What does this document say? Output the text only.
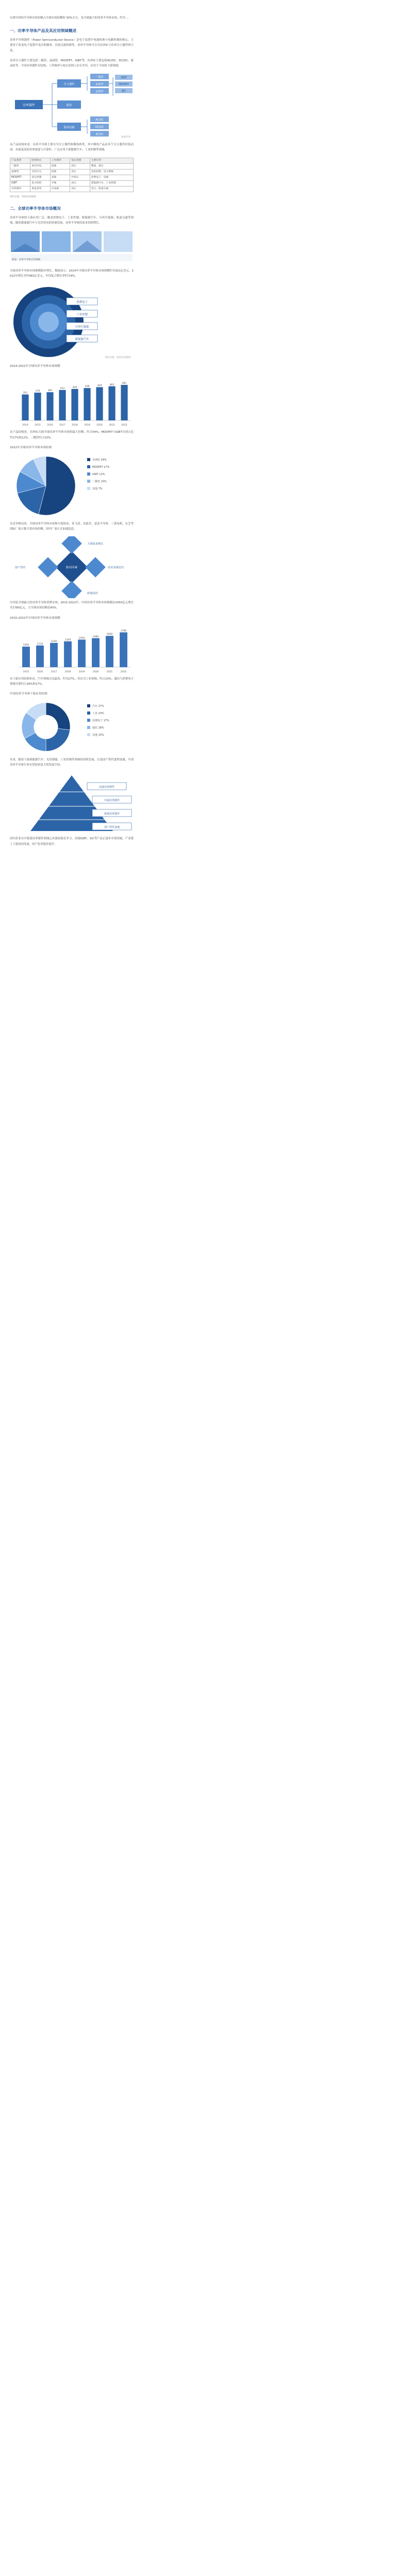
台湾中国的半导体市场份额占全球市场份额的 30%左右，是全球最大的功率半导体市场，约为 ...

一、功率半导体产品及其应用领域概述

功率半导体器件（Power Semiconductor Device）是电子装置中电能转换与电路控制的核心，主要用于改变电子装置中电压和频率、直流交流转换等。功率半导体可分为功率IC与功率分立器件两大类。

功率分立器件主要包括二极管、晶闸管、MOSFET、IGBT等，功率IC主要包括AC/DC、DC/DC、驱动IC等。不同功率器件在结构、工作频率与电压范围上存在差异，应用于不同的下游领域。

功率器件
分立器件
模块
集成电路
二极管
晶体管
晶闸管
IGBT
MOSFET
BJT
AC/DC
DC/DC
驱动IC
智研咨询

从产品结构来看，功率半导体主要分为分立器件和模块两类，其中模块产品由多个分立器件封装而成，具备更高的功率密度与可靠性，广泛应用于新能源汽车、工业控制等领域。

产品类型	结构特点	工作频率	电压范围	主要应用
二极管	单向导电	低频	高压	整流、稳压
晶闸管	可控开关	低频	高压	电机控制、电力系统
MOSFET	电压控制	高频	中低压	消费电子、电源
IGBT	复合结构	中频	高压	新能源汽车、工业控制
功率模块	集成封装	中高频	高压	电力、轨道交通
资料来源：智研咨询整理
二、全球功率半导体市场概况

功率半导体的下游应用广泛，覆盖消费电子、工业控制、新能源汽车、可再生能源、轨道交通等领域。随着新能源汽车与光伏风电的快速发展，功率半导体的需求持续增长。

图表：功率半导体应用领域

全球功率半导体市场规模稳步增长。数据显示，2014年全球功率半导体市场规模约为351亿美元，2022年增长至约481亿美元，年均复合增长率约为4%。

消费电子
工业控制
可再生能源
新能源汽车
资料来源：智研咨询整理
2014-2022年全球功率半导体市场规模
351
2014
376
2015
382
2016
412
2017
426
2018
438
2019
450
2020
462
2021
481
2022

从产品结构看，功率IC占据全球功率半导体市场的最大份额，约占54%；MOSFET与IGBT分别占比约17%和12%，二极管约占10%。

2022年全球功率半导体市场结构
功率IC 54%
MOSFET 17%
IGBT 12%
二极管 10%
其他 7%

从竞争格局看，全球功率半导体市场集中度较高，英飞凌、安森美、意法半导体、三菱电机、东芝等国际厂商占据主要市场份额，国内厂商正在加速追赶。

驱动因素
下游需求增长
技术更新迭代
政策扶持
国产替代

中国是全球最大的功率半导体消费市场。2015-2022年，中国功率半导体市场规模由1050亿元增长至1780亿元，占全球市场份额近40%。

2015-2022年中国功率半导体市场规模
1050
2015
1110
2016
1240
2017
1320
2018
1410
2019
1480
2020
1600
2021
1780
2022

从下游应用结构来看，汽车领域占比最高，约为27%；其次为工业领域，约占23%；通信与消费电子领域分别约占18%和17%。

中国功率半导体下游应用结构
汽车 27%
工业 23%
消费电子 17%
通信 18%
其他 15%

未来，随着下游新能源汽车、光伏储能、工业控制等领域的持续发展，以及国产替代进程加速，中国功率半导体行业有望迎来更大的发展空间。

高端功率器件
中端功率器件
低端功率器件
国产替代加速

国内企业在中低端功率器件领域已具备较强竞争力，高端IGBT、SiC等产品正逐步实现突破，产业链上下游协同发展，国产化率稳步提升。
